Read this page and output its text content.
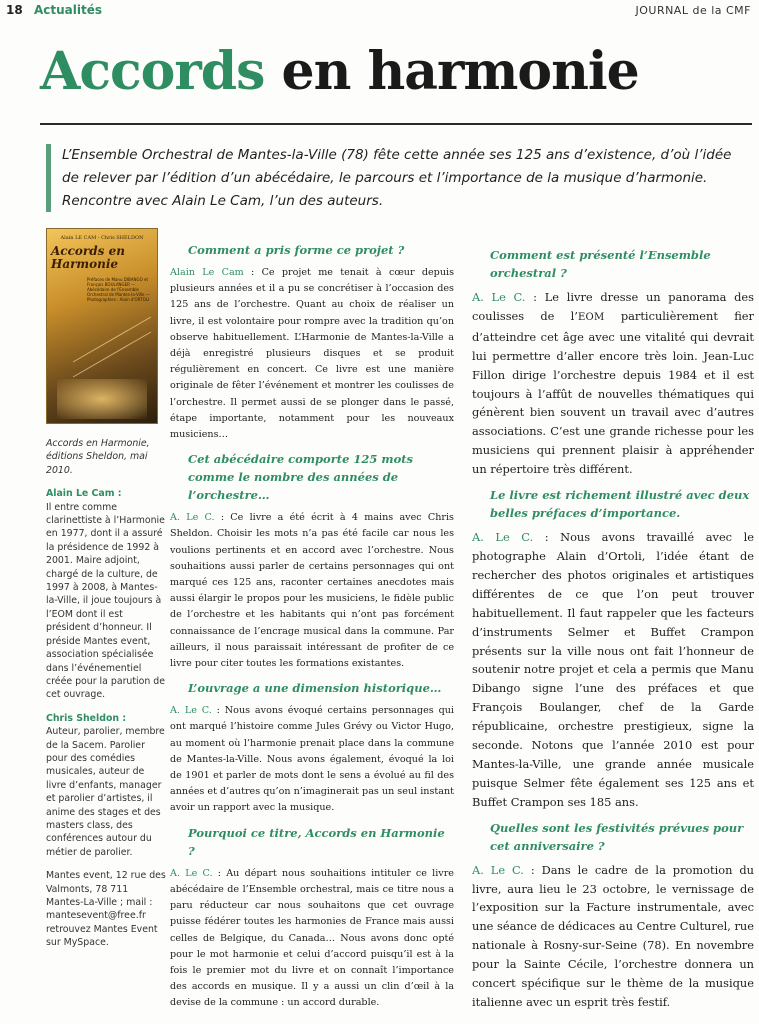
18 Actualités	JOURNAL de la CMF
Accords en harmonie

L’Ensemble Orchestral de Mantes-la-Ville (78) fête cette année ses 125 ans d’existence, d’où l’idée de relever par l’édition d’un abécédaire, le parcours et l’importance de la musique d’harmonie. Rencontre avec Alain Le Cam, l’un des auteurs.

Alain LE CAM - Chris SHELDON
Accords en Harmonie
Préfaces de Manu DIBANGO et François BOULANGER — Abécédaire de l'Ensemble Orchestral de Mantes-la-Ville — Photographies : Alain d'ORTOLI

Accords en Harmonie, éditions Sheldon, mai 2010.

Alain Le Cam :
Il entre comme clarinettiste à l’Harmonie en 1977, dont il a assuré la présidence de 1992 à 2001. Maire adjoint, chargé de la culture, de 1997 à 2008, à Mantes-la-Ville, il joue toujours à l’EOM dont il est président d’honneur. Il préside Mantes event, association spécialisée dans l’événementiel créée pour la parution de cet ouvrage.

Chris Sheldon :
Auteur, parolier, membre de la Sacem. Parolier pour des comédies musicales, auteur de livre d’enfants, manager et parolier d’artistes, il anime des stages et des masters class, des conférences autour du métier de parolier.

Mantes event, 12 rue des Valmonts, 78 711 Mantes-La-Ville ; mail : mantesevent@free.fr retrouvez Mantes Event sur MySpace.

Comment a pris forme ce projet ?

Alain Le Cam : Ce projet me tenait à cœur depuis plusieurs années et il a pu se concrétiser à l’occasion des 125 ans de l’orchestre. Quant au choix de réaliser un livre, il est volontaire pour rompre avec la tradition qu’on observe habituellement. L’Harmonie de Mantes-la-Ville a déjà enregistré plusieurs disques et se produit régulièrement en concert. Ce livre est une manière originale de fêter l’événement et montrer les coulisses de l’orchestre. Il permet aussi de se plonger dans le passé, étape importante, notamment pour les nouveaux musiciens…

Cet abécédaire comporte 125 mots comme le nombre des années de l’orchestre…

A. Le C. : Ce livre a été écrit à 4 mains avec Chris Sheldon. Choisir les mots n’a pas été facile car nous les voulions pertinents et en accord avec l’orchestre. Nous souhaitions aussi parler de certains personnages qui ont marqué ces 125 ans, raconter certaines anecdotes mais aussi élargir le propos pour les musiciens, le fidèle public de l’orchestre et les habitants qui n’ont pas forcément connaissance de l’encrage musical dans la commune. Par ailleurs, il nous paraissait intéressant de profiter de ce livre pour citer toutes les formations existantes.

L’ouvrage a une dimension historique…

A. Le C. : Nous avons évoqué certains personnages qui ont marqué l’histoire comme Jules Grévy ou Victor Hugo, au moment où l’harmonie prenait place dans la commune de Mantes-la-Ville. Nous avons également, évoqué la loi de 1901 et parler de mots dont le sens a évolué au fil des années et d’autres qu’on n’imaginerait pas un seul instant avoir un rapport avec la musique.

Pourquoi ce titre, Accords en Harmonie ?

A. Le C. : Au départ nous souhaitions intituler ce livre abécédaire de l’Ensemble orchestral, mais ce titre nous a paru réducteur car nous souhaitons que cet ouvrage puisse fédérer toutes les harmonies de France mais aussi celles de Belgique, du Canada… Nous avons donc opté pour le mot harmonie et celui d’accord puisqu’il est à la fois le premier mot du livre et on connaît l’importance des accords en musique. Il y a aussi un clin d’œil à la devise de la commune : un accord durable.

Comment est présenté l’Ensemble orchestral ?

A. Le C. : Le livre dresse un panorama des coulisses de l’EOM particulièrement fier d’atteindre cet âge avec une vitalité qui devrait lui permettre d’aller encore très loin. Jean-Luc Fillon dirige l’orchestre depuis 1984 et il est toujours à l’affût de nouvelles thématiques qui génèrent bien souvent un travail avec d’autres associations. C’est une grande richesse pour les musiciens qui prennent plaisir à appréhender un répertoire très différent.

Le livre est richement illustré avec deux belles préfaces d’importance.

A. Le C. : Nous avons travaillé avec le photographe Alain d’Ortoli, l’idée étant de rechercher des photos originales et artistiques différentes de ce que l’on peut trouver habituellement. Il faut rappeler que les facteurs d’instruments Selmer et Buffet Crampon présents sur la ville nous ont fait l’honneur de soutenir notre projet et cela a permis que Manu Dibango signe l’une des préfaces et que François Boulanger, chef de la Garde républicaine, orchestre prestigieux, signe la seconde. Notons que l’année 2010 est pour Mantes-la-Ville, une grande année musicale puisque Selmer fête également ses 125 ans et Buffet Crampon ses 185 ans.

Quelles sont les festivités prévues pour cet anniversaire ?

A. Le C. : Dans le cadre de la promotion du livre, aura lieu le 23 octobre, le vernissage de l’exposition sur la Facture instrumentale, avec une séance de dédicaces au Centre Culturel, rue nationale à Rosny-sur-Seine (78). En novembre pour la Sainte Cécile, l’orchestre donnera un concert spécifique sur le thème de la musique italienne avec un esprit très festif.
